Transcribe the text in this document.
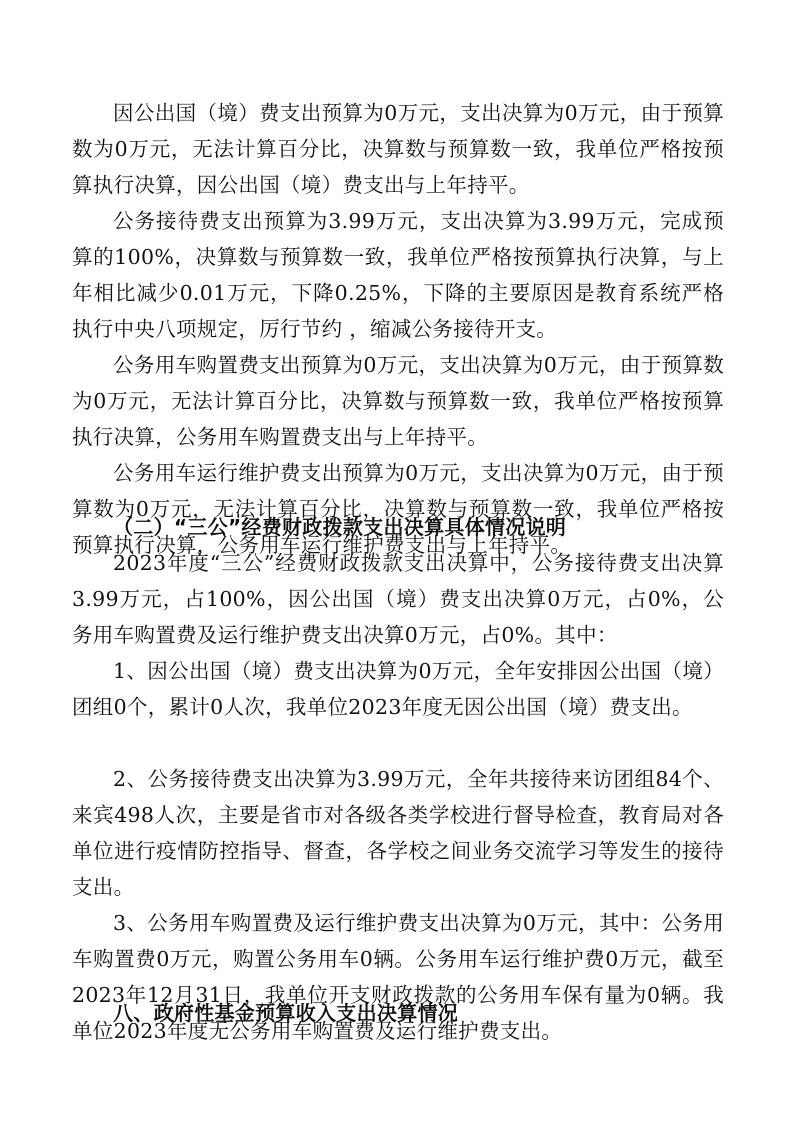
因公出国（境）费支出预算为0万元，支出决算为0万元，由于预算数为0万元，无法计算百分比，决算数与预算数一致，我单位严格按预算执行决算，因公出国（境）费支出与上年持平。

公务接待费支出预算为3.99万元，支出决算为3.99万元，完成预算的100%，决算数与预算数一致，我单位严格按预算执行决算，与上年相比减少0.01万元，下降0.25%，下降的主要原因是教育系统严格执行中央八项规定，厉行节约 ，缩减公务接待开支。

公务用车购置费支出预算为0万元，支出决算为0万元，由于预算数为0万元，无法计算百分比，决算数与预算数一致，我单位严格按预算执行决算，公务用车购置费支出与上年持平。

公务用车运行维护费支出预算为0万元，支出决算为0万元，由于预算数为0万元，无法计算百分比，决算数与预算数一致，我单位严格按预算执行决算，公务用车运行维护费支出与上年持平。

（二）“三公”经费财政拨款支出决算具体情况说明

2023年度“三公”经费财政拨款支出决算中，公务接待费支出决算3.99万元，占100%，因公出国（境）费支出决算0万元，占0%，公务用车购置费及运行维护费支出决算0万元，占0%。其中：

1、因公出国（境）费支出决算为0万元，全年安排因公出国（境）团组0个，累计0人次，我单位2023年度无因公出国（境）费支出。

2、公务接待费支出决算为3.99万元，全年共接待来访团组84个、来宾498人次，主要是省市对各级各类学校进行督导检查，教育局对各单位进行疫情防控指导、督查，各学校之间业务交流学习等发生的接待支出。

3、公务用车购置费及运行维护费支出决算为0万元，其中：公务用车购置费0万元，购置公务用车0辆。公务用车运行维护费0万元，截至2023年12月31日，我单位开支财政拨款的公务用车保有量为0辆。我单位2023年度无公务用车购置费及运行维护费支出。

八、政府性基金预算收入支出决算情况
